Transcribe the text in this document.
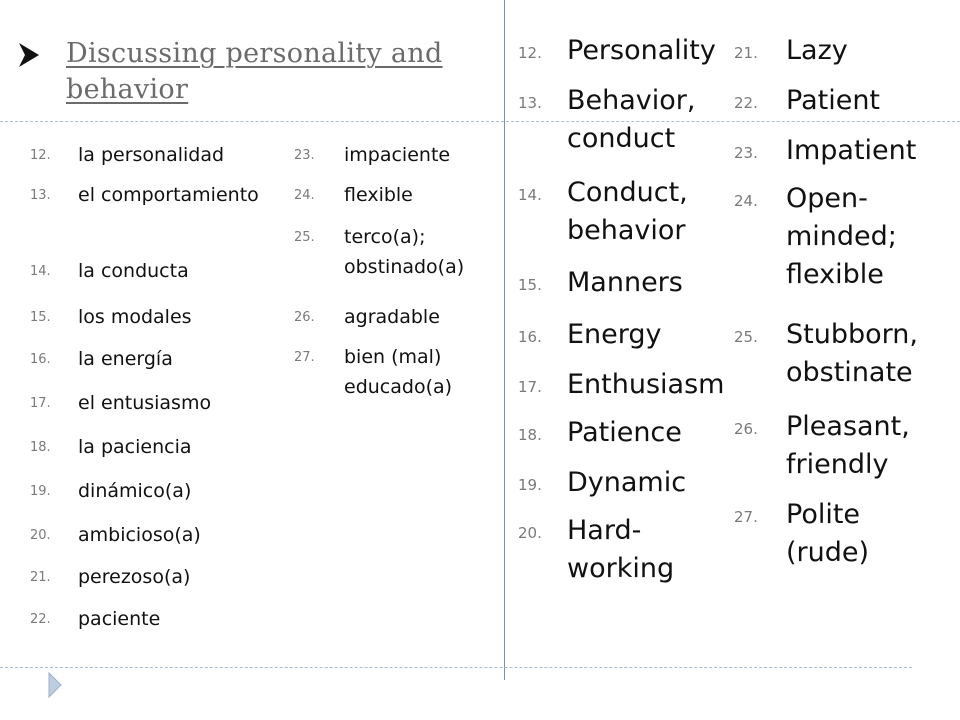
Discussing personality and behavior
12. la personalidad
13. el comportamiento
14. la conducta
15. los modales
16. la energía
17. el entusiasmo
18. la paciencia
19. dinámico(a)
20. ambicioso(a)
21. perezoso(a)
22. paciente
23. impaciente
24. flexible
25. terco(a); obstinado(a)
26. agradable
27. bien (mal) educado(a)
12. Personality
13. Behavior, conduct
14. Conduct, behavior
15. Manners
16. Energy
17. Enthusiasm
18. Patience
19. Dynamic
20. Hard-working
21. Lazy
22. Patient
23. Impatient
24. Open-minded; flexible
25. Stubborn, obstinate
26. Pleasant, friendly
27. Polite (rude)
